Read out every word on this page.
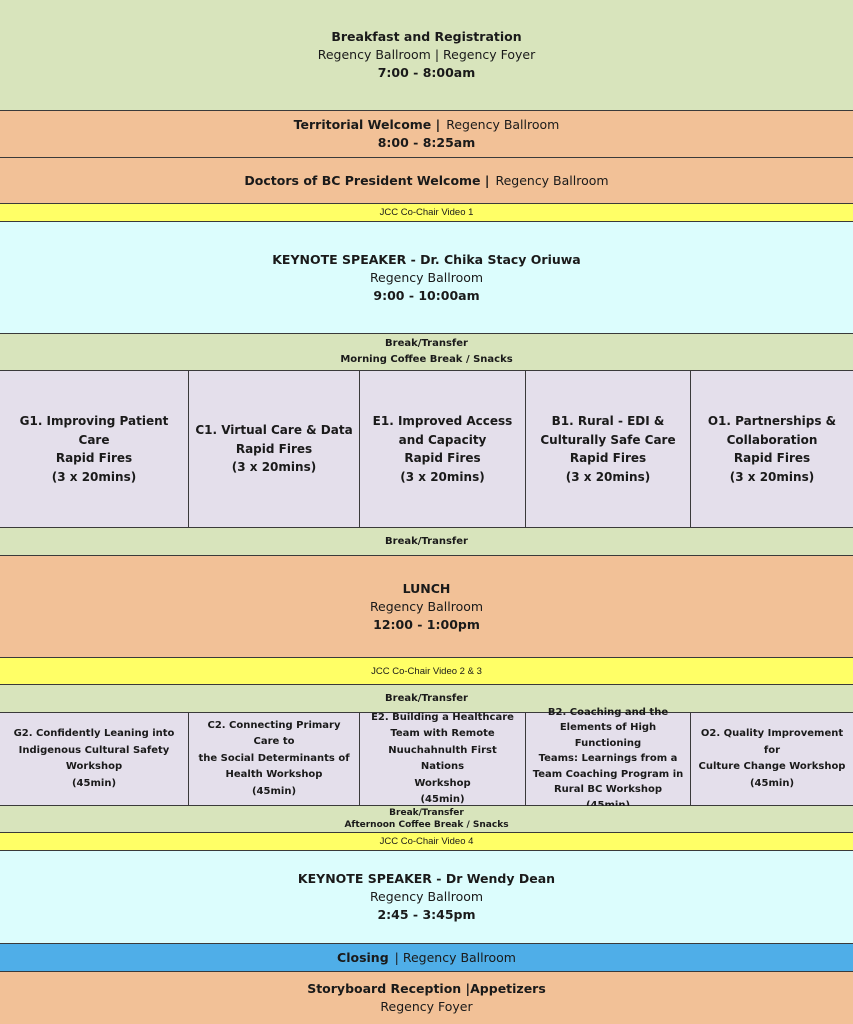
Breakfast and Registration
Regency Ballroom | Regency Foyer
7:00 - 8:00am
Territorial Welcome | Regency Ballroom
8:00 - 8:25am
Doctors of BC President Welcome | Regency Ballroom
JCC Co-Chair Video 1
KEYNOTE SPEAKER - Dr. Chika Stacy Oriuwa
Regency Ballroom
9:00 - 10:00am
Break/Transfer
Morning Coffee Break / Snacks
G1. Improving Patient Care
Rapid Fires
(3 x 20mins)
C1. Virtual Care & Data
Rapid Fires
(3 x 20mins)
E1. Improved Access
and Capacity
Rapid Fires
(3 x 20mins)
B1. Rural - EDI &
Culturally Safe Care
Rapid Fires
(3 x 20mins)
O1. Partnerships &
Collaboration
Rapid Fires
(3 x 20mins)
Break/Transfer
LUNCH
Regency Ballroom
12:00 - 1:00pm
JCC Co-Chair Video 2 & 3
Break/Transfer
G2. Confidently Leaning into
Indigenous Cultural Safety
Workshop
(45min)
C2. Connecting Primary Care to
the Social Determinants of
Health Workshop
(45min)
E2. Building a Healthcare
Team with Remote
Nuuchahnulth First Nations
Workshop
(45min)
B2. Coaching and the
Elements of High Functioning
Teams: Learnings from a
Team Coaching Program in
Rural BC Workshop
O2. Quality Improvement for
Culture Change Workshop
(45min)
Break/Transfer
Afternoon Coffee Break / Snacks
JCC Co-Chair Video 4
KEYNOTE SPEAKER - Dr Wendy Dean
Regency Ballroom
2:45 - 3:45pm
Closing | Regency Ballroom
Storyboard Reception |Appetizers
Regency Foyer
